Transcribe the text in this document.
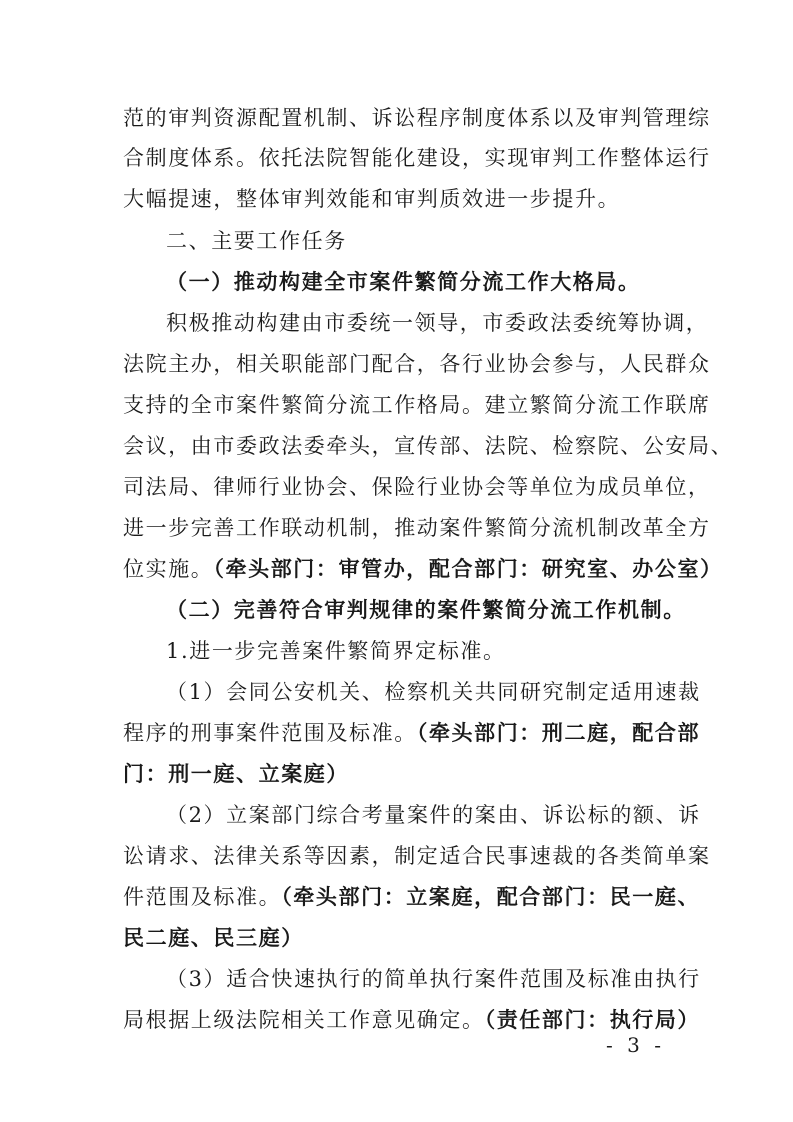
范的审判资源配置机制、诉讼程序制度体系以及审判管理综
合制度体系。依托法院智能化建设，实现审判工作整体运行
大幅提速，整体审判效能和审判质效进一步提升。
二、主要工作任务
（一）推动构建全市案件繁简分流工作大格局。
积极推动构建由市委统一领导，市委政法委统筹协调，
法院主办，相关职能部门配合，各行业协会参与，人民群众
支持的全市案件繁简分流工作格局。建立繁简分流工作联席
会议，由市委政法委牵头，宣传部、法院、检察院、公安局、
司法局、律师行业协会、保险行业协会等单位为成员单位，
进一步完善工作联动机制，推动案件繁简分流机制改革全方
位实施。（牵头部门：审管办，配合部门：研究室、办公室）
（二）完善符合审判规律的案件繁简分流工作机制。
1.进一步完善案件繁简界定标准。
（1）会同公安机关、检察机关共同研究制定适用速裁
程序的刑事案件范围及标准。（牵头部门：刑二庭，配合部
门：刑一庭、立案庭）
（2）立案部门综合考量案件的案由、诉讼标的额、诉
讼请求、法律关系等因素，制定适合民事速裁的各类简单案
件范围及标准。（牵头部门：立案庭，配合部门：民一庭、
民二庭、民三庭）
（3）适合快速执行的简单执行案件范围及标准由执行
局根据上级法院相关工作意见确定。（责任部门：执行局）
- 3 -
